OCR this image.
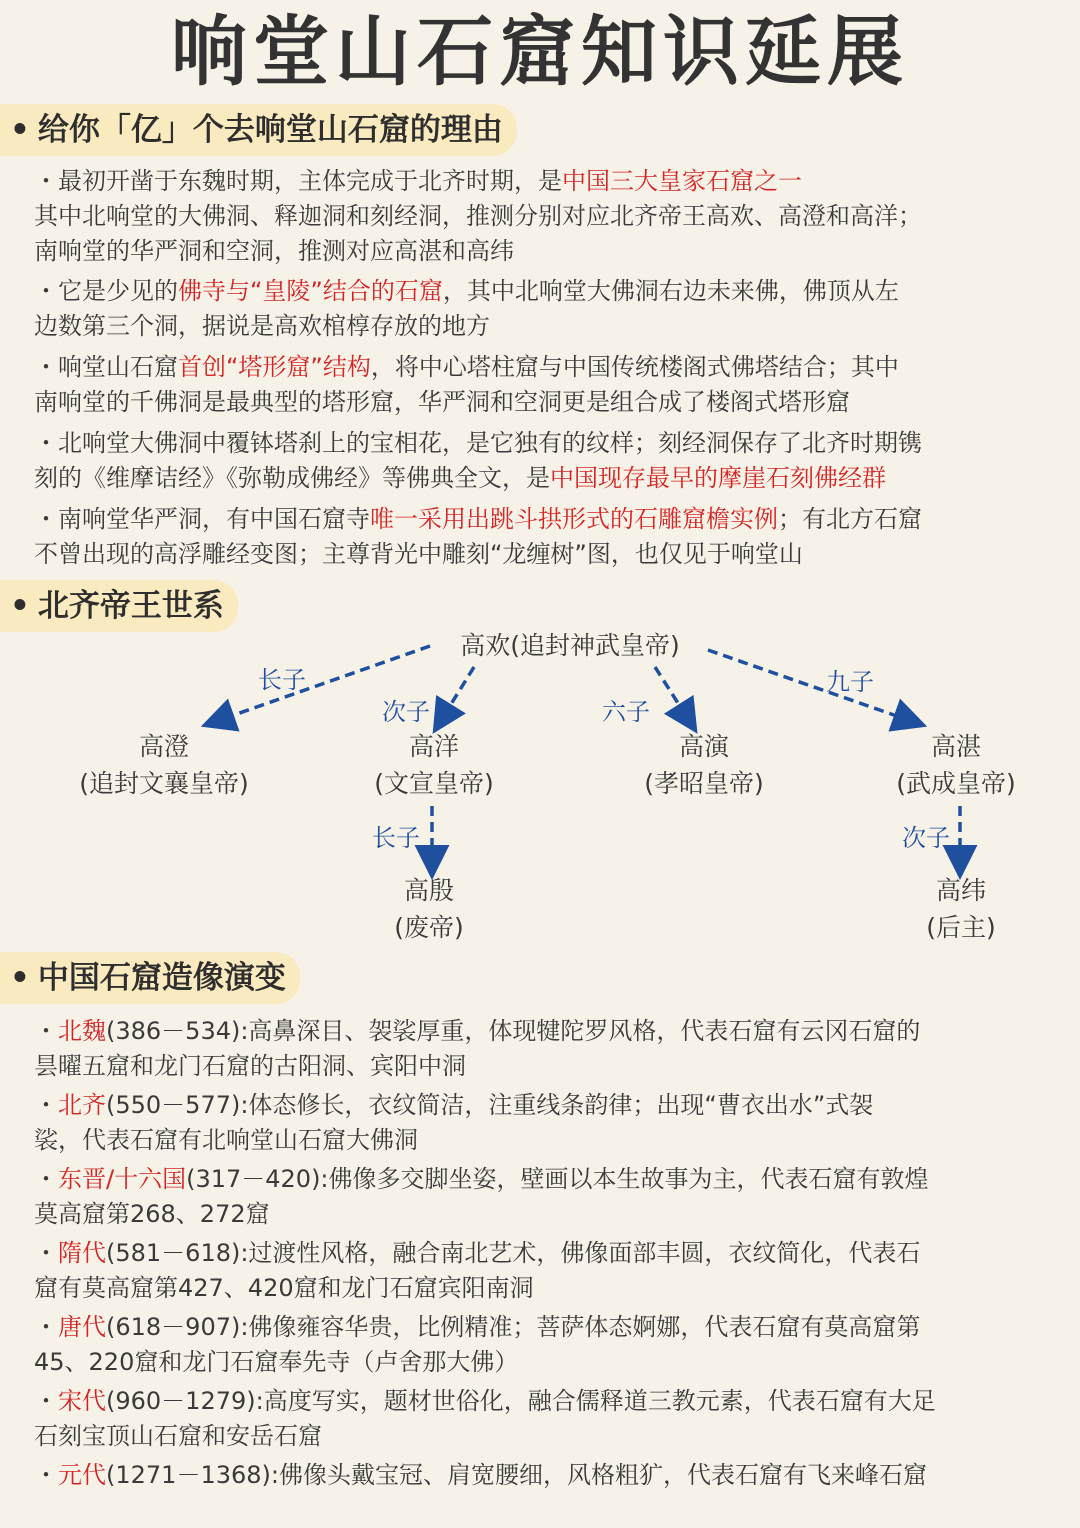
响堂山石窟知识延展
• 给你「亿」个去响堂山石窟的理由
・最初开凿于东魏时期，主体完成于北齐时期，是中国三大皇家石窟之一
其中北响堂的大佛洞、释迦洞和刻经洞，推测分别对应北齐帝王高欢、高澄和高洋；
南响堂的华严洞和空洞，推测对应高湛和高纬
・它是少见的佛寺与“皇陵”结合的石窟，其中北响堂大佛洞右边未来佛，佛顶从左
边数第三个洞，据说是高欢棺椁存放的地方
・响堂山石窟首创“塔形窟”结构，将中心塔柱窟与中国传统楼阁式佛塔结合；其中
南响堂的千佛洞是最典型的塔形窟，华严洞和空洞更是组合成了楼阁式塔形窟
・北响堂大佛洞中覆钵塔刹上的宝相花，是它独有的纹样；刻经洞保存了北齐时期镌
刻的《维摩诘经》《弥勒成佛经》等佛典全文，是中国现存最早的摩崖石刻佛经群
・南响堂华严洞，有中国石窟寺唯一采用出跳斗拱形式的石雕窟檐实例；有北方石窟
不曾出现的高浮雕经变图；主尊背光中雕刻“龙缠树”图，也仅见于响堂山
• 北齐帝王世系
高欢(追封神武皇帝)
长子
次子	六子
九子
高澄
(追封文襄皇帝)
高洋
(文宣皇帝)
高演
(孝昭皇帝)
高湛
(武成皇帝)
长子	次子
高殷
(废帝)
高纬
(后主)
• 中国石窟造像演变
・北魏(386－534):高鼻深目、袈裟厚重，体现犍陀罗风格，代表石窟有云冈石窟的
昙曜五窟和龙门石窟的古阳洞、宾阳中洞
・北齐(550－577):体态修长，衣纹简洁，注重线条韵律；出现“曹衣出水”式袈
裟，代表石窟有北响堂山石窟大佛洞
・东晋/十六国(317－420):佛像多交脚坐姿，壁画以本生故事为主，代表石窟有敦煌
莫高窟第268、272窟
・隋代(581－618):过渡性风格，融合南北艺术，佛像面部丰圆，衣纹简化，代表石
窟有莫高窟第427、420窟和龙门石窟宾阳南洞
・唐代(618－907):佛像雍容华贵，比例精准；菩萨体态婀娜，代表石窟有莫高窟第
45、220窟和龙门石窟奉先寺（卢舍那大佛）
・宋代(960－1279):高度写实，题材世俗化，融合儒释道三教元素，代表石窟有大足
石刻宝顶山石窟和安岳石窟
・元代(1271－1368):佛像头戴宝冠、肩宽腰细，风格粗犷，代表石窟有飞来峰石窟
